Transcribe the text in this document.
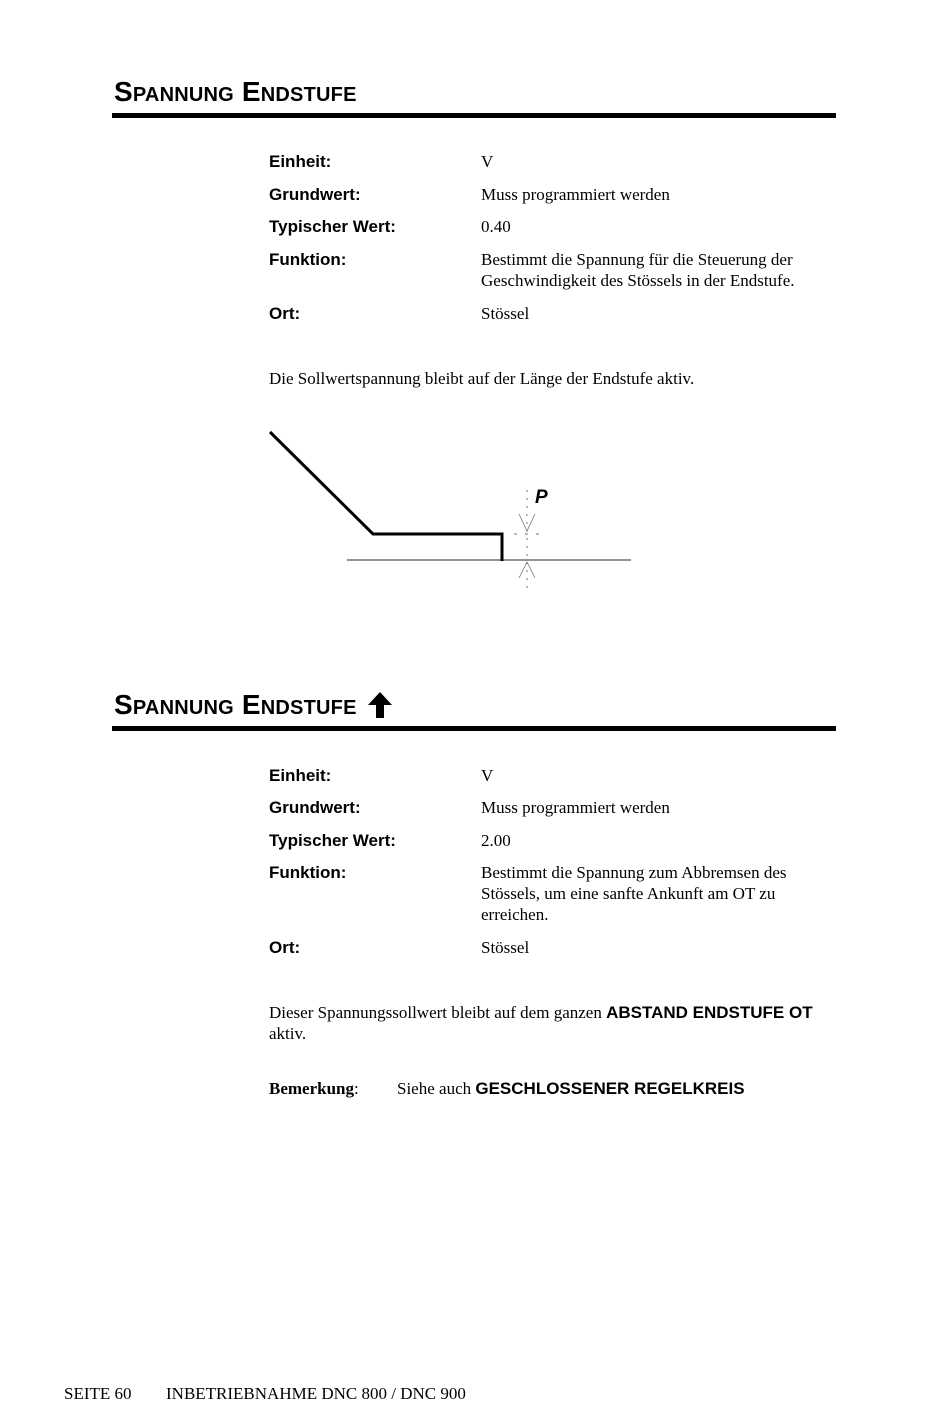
Spannung Endstufe
Einheit:	V
Grundwert:	Muss programmiert werden
Typischer Wert:	0.40
Funktion:	Bestimmt die Spannung für die Steuerung der Geschwindigkeit des Stössels in der Endstufe.
Ort:	Stössel

Die Sollwertspannung bleibt auf der Länge der Endstufe aktiv.

P
Spannung Endstufe
Einheit:	V
Grundwert:	Muss programmiert werden
Typischer Wert:	2.00
Funktion:	Bestimmt die Spannung zum Abbremsen des Stössels, um eine sanfte Ankunft am OT zu erreichen.
Ort:	Stössel

Dieser Spannungssollwert bleibt auf dem ganzen ABSTAND ENDSTUFE OT aktiv.

Bemerkung: Siehe auch GESCHLOSSENER REGELKREIS
SEITE 60 INBETRIEBNAHME DNC 800 / DNC 900
